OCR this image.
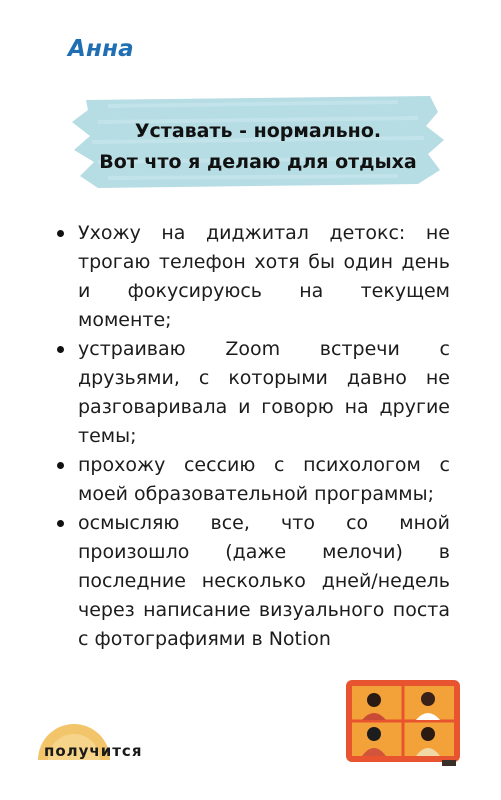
Анна
Уставать - нормально.
Вот что я делаю для отдыха
Ухожу на диджитал детокс: не трогаю телефон хотя бы один день и фокусируюсь на текущем моменте;
устраиваю Zoom встречи с друзьями, с которыми давно не разговаривала и говорю на другие темы;
прохожу сессию с психологом с моей образовательной программы;
осмысляю все, что со мной произошло (даже мелочи) в последние несколько дней/недель через написание визуального поста с фотографиями в Notion
получится
